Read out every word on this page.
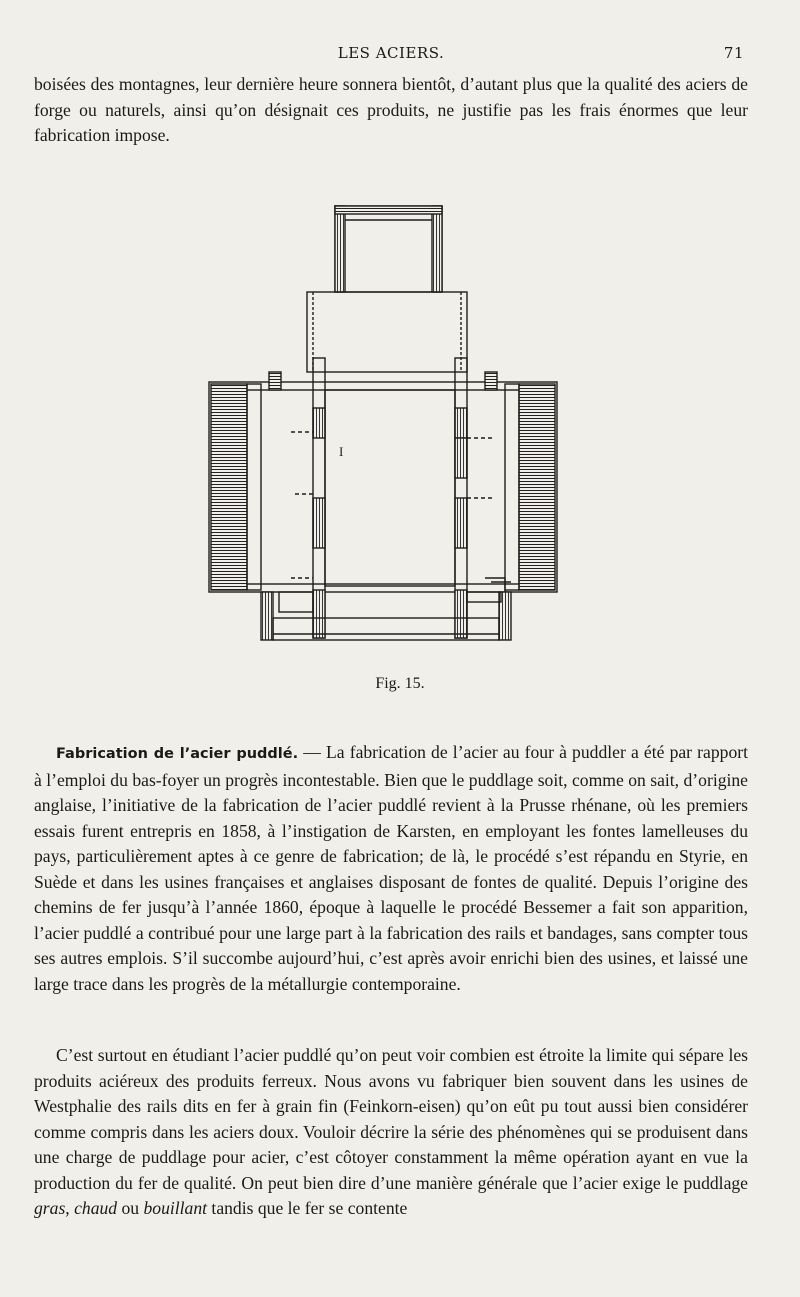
LES ACIERS.	71

boisées des montagnes, leur dernière heure sonnera bientôt, d’autant plus que la qualité des aciers de forge ou naturels, ainsi qu’on désignait ces produits, ne justifie pas les frais énormes que leur fabrication impose.

I
Fig. 15.

Fabrication de l’acier puddlé. — La fabrication de l’acier au four à puddler a été par rapport à l’emploi du bas-foyer un progrès incontestable. Bien que le puddlage soit, comme on sait, d’origine anglaise, l’initiative de la fabrication de l’acier puddlé revient à la Prusse rhénane, où les premiers essais furent entrepris en 1858, à l’instigation de Karsten, en employant les fontes lamelleuses du pays, particulièrement aptes à ce genre de fabrication; de là, le procédé s’est répandu en Styrie, en Suède et dans les usines françaises et anglaises disposant de fontes de qualité. Depuis l’origine des chemins de fer jusqu’à l’année 1860, époque à laquelle le procédé Bessemer a fait son apparition, l’acier puddlé a contribué pour une large part à la fabrication des rails et bandages, sans compter tous ses autres emplois. S’il succombe aujourd’hui, c’est après avoir enrichi bien des usines, et laissé une large trace dans les progrès de la métallurgie contemporaine.

C’est surtout en étudiant l’acier puddlé qu’on peut voir combien est étroite la limite qui sépare les produits aciéreux des produits ferreux. Nous avons vu fabriquer bien souvent dans les usines de Westphalie des rails dits en fer à grain fin (Feinkorn-eisen) qu’on eût pu tout aussi bien considérer comme compris dans les aciers doux. Vouloir décrire la série des phénomènes qui se produisent dans une charge de puddlage pour acier, c’est côtoyer constamment la même opération ayant en vue la production du fer de qualité. On peut bien dire d’une manière générale que l’acier exige le puddlage gras, chaud ou bouillant tandis que le fer se contente
